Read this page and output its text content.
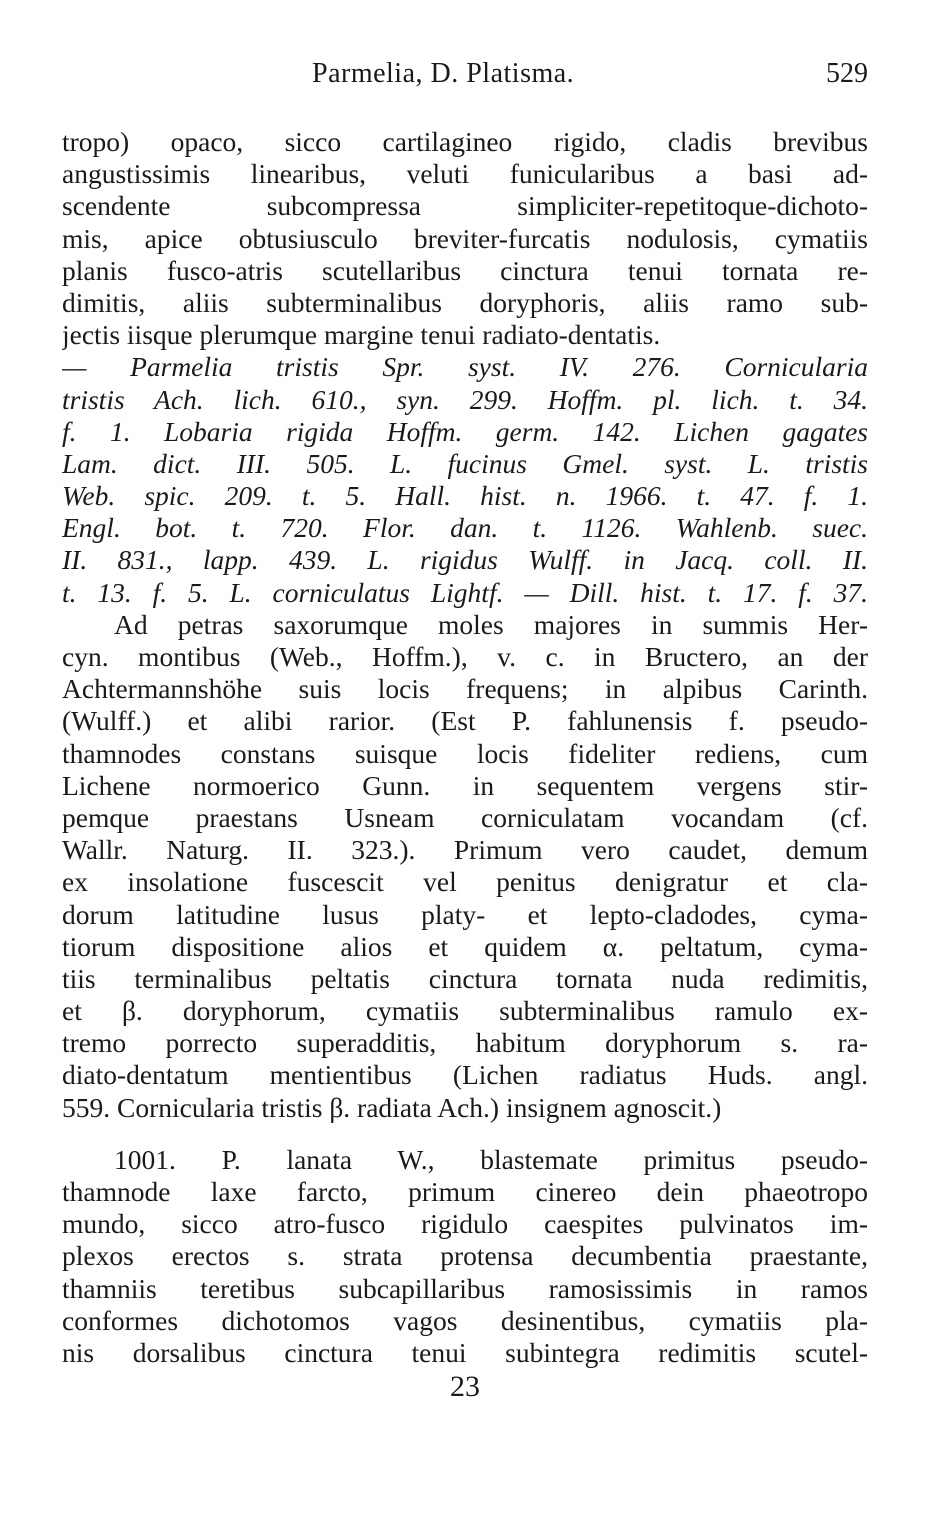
Parmelia, D. Platisma.	529
tropo) opaco, sicco cartilagineo rigido, cladis brevibus
angustissimis linearibus, veluti funicularibus a basi ad-
scendente subcompressa simpliciter-repetitoque-dichoto-
mis, apice obtusiusculo breviter-furcatis nodulosis, cymatiis
planis fusco-atris scutellaribus cinctura tenui tornata re-
dimitis, aliis subterminalibus doryphoris, aliis ramo sub-
jectis iisque plerumque margine tenui radiato-dentatis.
— Parmelia tristis Spr. syst. IV. 276. Cornicularia
tristis Ach. lich. 610., syn. 299. Hoffm. pl. lich. t. 34.
f. 1. Lobaria rigida Hoffm. germ. 142. Lichen gagates
Lam. dict. III. 505. L. fucinus Gmel. syst. L. tristis
Web. spic. 209. t. 5. Hall. hist. n. 1966. t. 47. f. 1.
Engl. bot. t. 720. Flor. dan. t. 1126. Wahlenb. suec.
II. 831., lapp. 439. L. rigidus Wulff. in Jacq. coll. II.
t. 13. f. 5. L. corniculatus Lightf. — Dill. hist. t. 17. f. 37.
Ad petras saxorumque moles majores in summis Her-
cyn. montibus (Web., Hoffm.), v. c. in Bructero, an der
Achtermannshöhe suis locis frequens; in alpibus Carinth.
(Wulff.) et alibi rarior. (Est P. fahlunensis f. pseudo-
thamnodes constans suisque locis fideliter rediens, cum
Lichene normoerico Gunn. in sequentem vergens stir-
pemque praestans Usneam corniculatam vocandam (cf.
Wallr. Naturg. II. 323.). Primum vero caudet, demum
ex insolatione fuscescit vel penitus denigratur et cla-
dorum latitudine lusus platy- et lepto-cladodes, cyma-
tiorum dispositione alios et quidem α. peltatum, cyma-
tiis terminalibus peltatis cinctura tornata nuda redimitis,
et β. doryphorum, cymatiis subterminalibus ramulo ex-
tremo porrecto superadditis, habitum doryphorum s. ra-
diato-dentatum mentientibus (Lichen radiatus Huds. angl.
559. Cornicularia tristis β. radiata Ach.) insignem agnoscit.)
1001. P. lanata W., blastemate primitus pseudo-
thamnode laxe farcto, primum cinereo dein phaeotropo
mundo, sicco atro-fusco rigidulo caespites pulvinatos im-
plexos erectos s. strata protensa decumbentia praestante,
thamniis teretibus subcapillaribus ramosissimis in ramos
conformes dichotomos vagos desinentibus, cymatiis pla-
nis dorsalibus cinctura tenui subintegra redimitis scutel-
23
